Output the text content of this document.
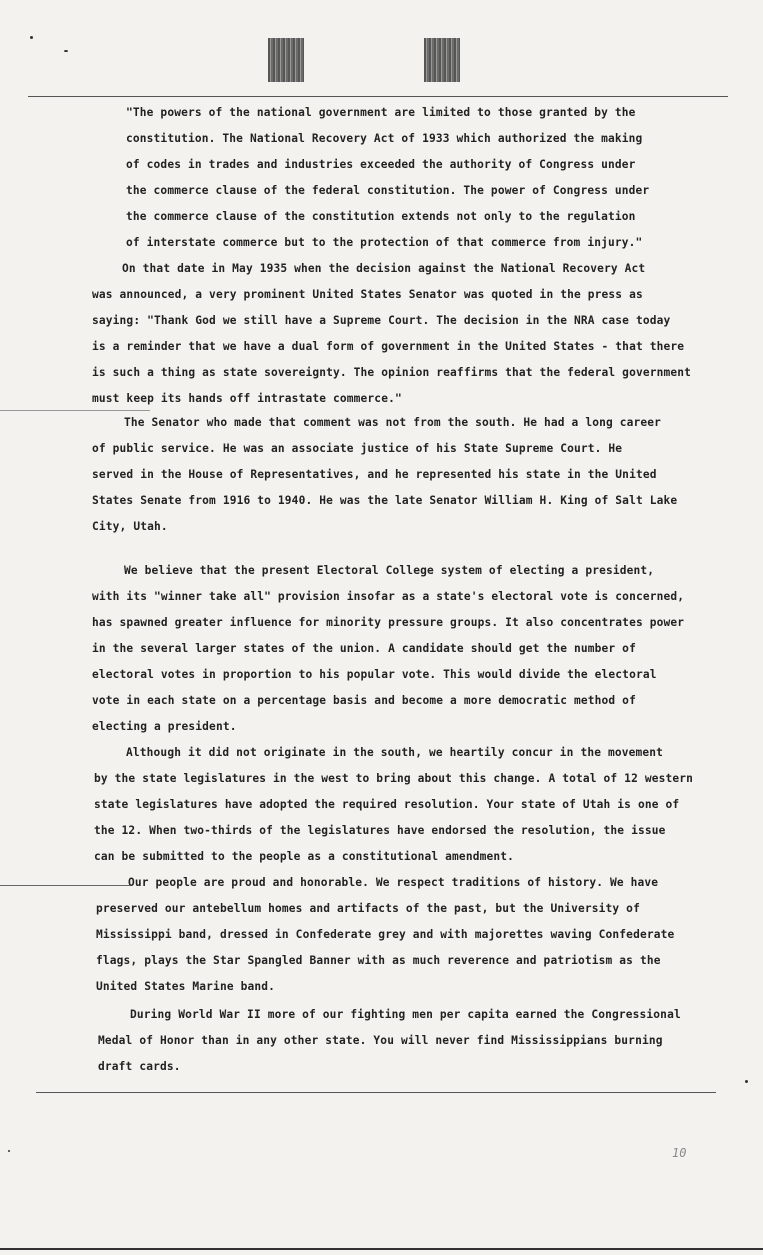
"The powers of the national government are limited to those granted by the
constitution. The National Recovery Act of 1933 which authorized the making
of codes in trades and industries exceeded the authority of Congress under
the commerce clause of the federal constitution. The power of Congress under
the commerce clause of the constitution extends not only to the regulation
of interstate commerce but to the protection of that commerce from injury."
On that date in May 1935 when the decision against the National Recovery Act
was announced, a very prominent United States Senator was quoted in the press as
saying: "Thank God we still have a Supreme Court. The decision in the NRA case today
is a reminder that we have a dual form of government in the United States - that there
is such a thing as state sovereignty. The opinion reaffirms that the federal government
must keep its hands off intrastate commerce."
The Senator who made that comment was not from the south. He had a long career
of public service. He was an associate justice of his State Supreme Court. He
served in the House of Representatives, and he represented his state in the United
States Senate from 1916 to 1940. He was the late Senator William H. King of Salt Lake
City, Utah.
We believe that the present Electoral College system of electing a president,
with its "winner take all" provision insofar as a state's electoral vote is concerned,
has spawned greater influence for minority pressure groups. It also concentrates power
in the several larger states of the union. A candidate should get the number of
electoral votes in proportion to his popular vote. This would divide the electoral
vote in each state on a percentage basis and become a more democratic method of
electing a president.
Although it did not originate in the south, we heartily concur in the movement
by the state legislatures in the west to bring about this change. A total of 12 western
state legislatures have adopted the required resolution. Your state of Utah is one of
the 12. When two-thirds of the legislatures have endorsed the resolution, the issue
can be submitted to the people as a constitutional amendment.
Our people are proud and honorable. We respect traditions of history. We have
preserved our antebellum homes and artifacts of the past, but the University of
Mississippi band, dressed in Confederate grey and with majorettes waving Confederate
flags, plays the Star Spangled Banner with as much reverence and patriotism as the
United States Marine band.
During World War II more of our fighting men per capita earned the Congressional
Medal of Honor than in any other state. You will never find Mississippians burning
draft cards.
10
